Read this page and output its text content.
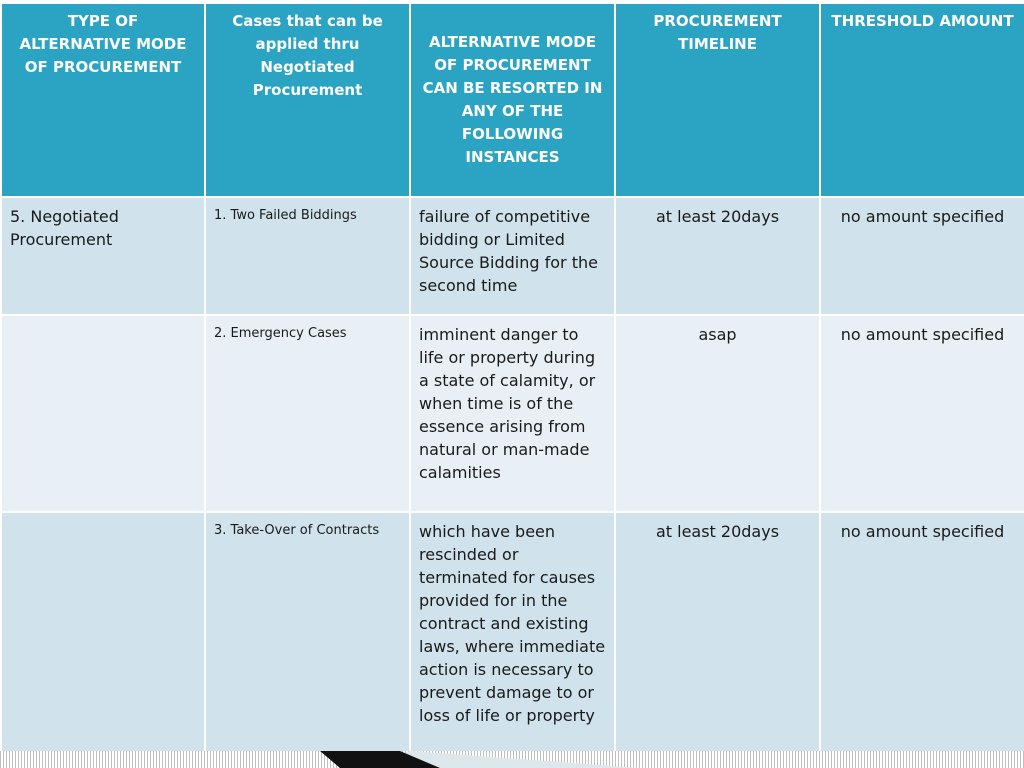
TYPE OF ALTERNATIVE MODE OF PROCUREMENT	Cases that can be applied thru Negotiated Procurement	ALTERNATIVE MODE OF PROCUREMENT CAN BE RESORTED IN ANY OF THE FOLLOWING INSTANCES	PROCUREMENT TIMELINE	THRESHOLD AMOUNT
5. Negotiated Procurement	1. Two Failed Biddings	failure of competitive bidding or Limited Source Bidding for the second time	at least 20days	no amount specified
	2. Emergency Cases	imminent danger to life or property during a state of calamity, or when time is of the essence arising from natural or man-made calamities	asap	no amount specified
	3. Take-Over of Contracts	which have been rescinded or terminated for causes provided for in the contract and existing laws, where immediate action is necessary to prevent damage to or loss of life or property	at least 20days	no amount specified
